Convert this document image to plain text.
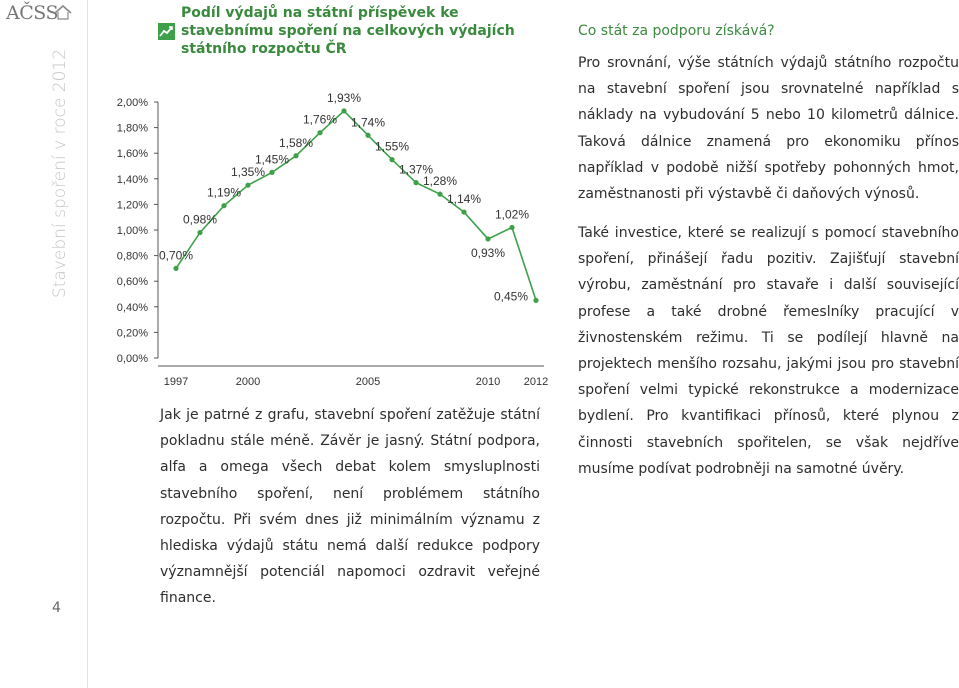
AČSS
Stavební spoření v roce 2012
4
Podíl výdajů na státní příspěvek ke stavebnímu spoření na celkových výdajích státního rozpočtu ČR
0,00%
0,20%
0,40%
0,60%
0,80%
1,00%
1,20%
1,40%
1,60%
1,80%
2,00%
1997	2000	2005	2010 2012
0,70%
0,98%
1,19%
1,35%
1,45%
1,58%
1,76%
1,93%
1,74%
1,55%
1,37%
1,28%
1,14%
0,93%
1,02%
0,45%
Jak je patrné z grafu, stavební spoření zatěžuje státní pokladnu stále méně. Závěr je jasný. Státní podpora, alfa a omega všech debat kolem smysluplnosti stavebního spoření, není problémem státního rozpočtu. Při svém dnes již minimálním významu z hlediska výdajů státu nemá další redukce podpory významnější potenciál napomoci ozdravit veřejné finance.
Co stát za podporu získává?
Pro srovnání, výše státních výdajů státního rozpočtu na stavební spoření jsou srovnatelné například s náklady na vybudování 5 nebo 10 kilometrů dálnice. Taková dálnice znamená pro ekonomiku přínos například v podobě nižší spotřeby pohonných hmot, zaměstnanosti při výstavbě či daňových výnosů.
Také investice, které se realizují s pomocí stavebního spoření, přinášejí řadu pozitiv. Zajišťují stavební výrobu, zaměstnání pro stavaře i další související profese a také drobné řemeslníky pracující v živnostenském režimu. Ti se podílejí hlavně na projektech menšího rozsahu, jakými jsou pro stavební spoření velmi typické rekonstrukce a modernizace bydlení. Pro kvantifikaci přínosů, které plynou z činnosti stavebních spořitelen, se však nejdříve musíme podívat podrobněji na samotné úvěry.
